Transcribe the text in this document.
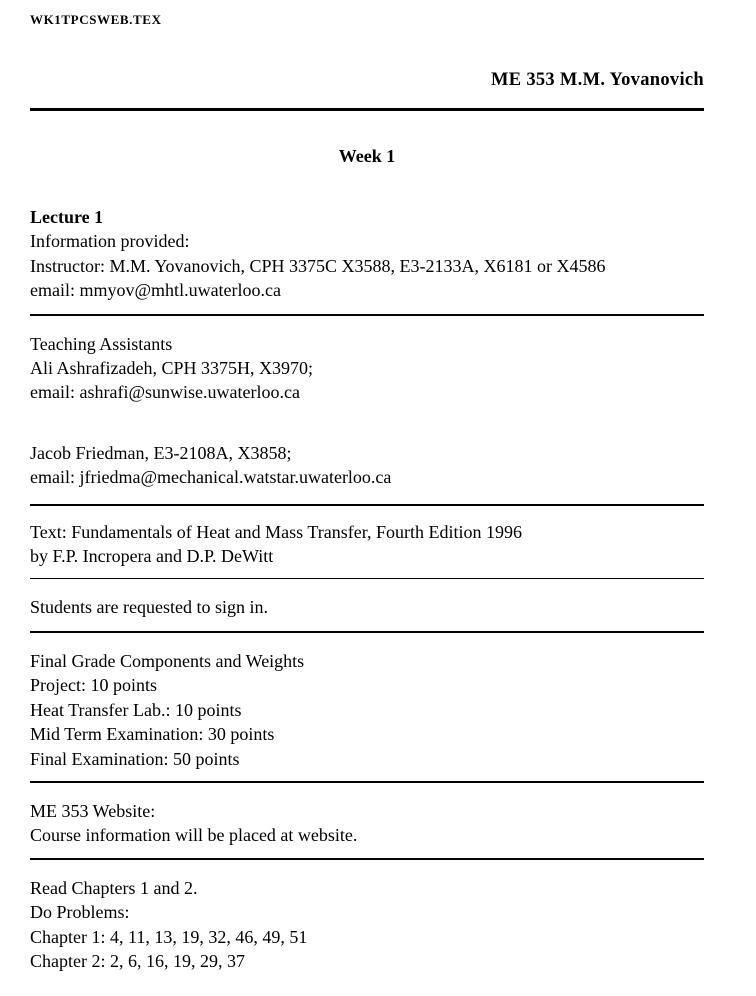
WK1TPCSWEB.TEX
ME 353 M.M. Yovanovich
Week 1
Lecture 1
Information provided:
Instructor: M.M. Yovanovich, CPH 3375C X3588, E3-2133A, X6181 or X4586
email: mmyov@mhtl.uwaterloo.ca
Teaching Assistants
Ali Ashrafizadeh, CPH 3375H, X3970;
email: ashrafi@sunwise.uwaterloo.ca
Jacob Friedman, E3-2108A, X3858;
email: jfriedma@mechanical.watstar.uwaterloo.ca
Text: Fundamentals of Heat and Mass Transfer, Fourth Edition 1996
by F.P. Incropera and D.P. DeWitt
Students are requested to sign in.
Final Grade Components and Weights
Project: 10 points
Heat Transfer Lab.: 10 points
Mid Term Examination: 30 points
Final Examination: 50 points
ME 353 Website:
Course information will be placed at website.
Read Chapters 1 and 2.
Do Problems:
Chapter 1: 4, 11, 13, 19, 32, 46, 49, 51
Chapter 2: 2, 6, 16, 19, 29, 37
